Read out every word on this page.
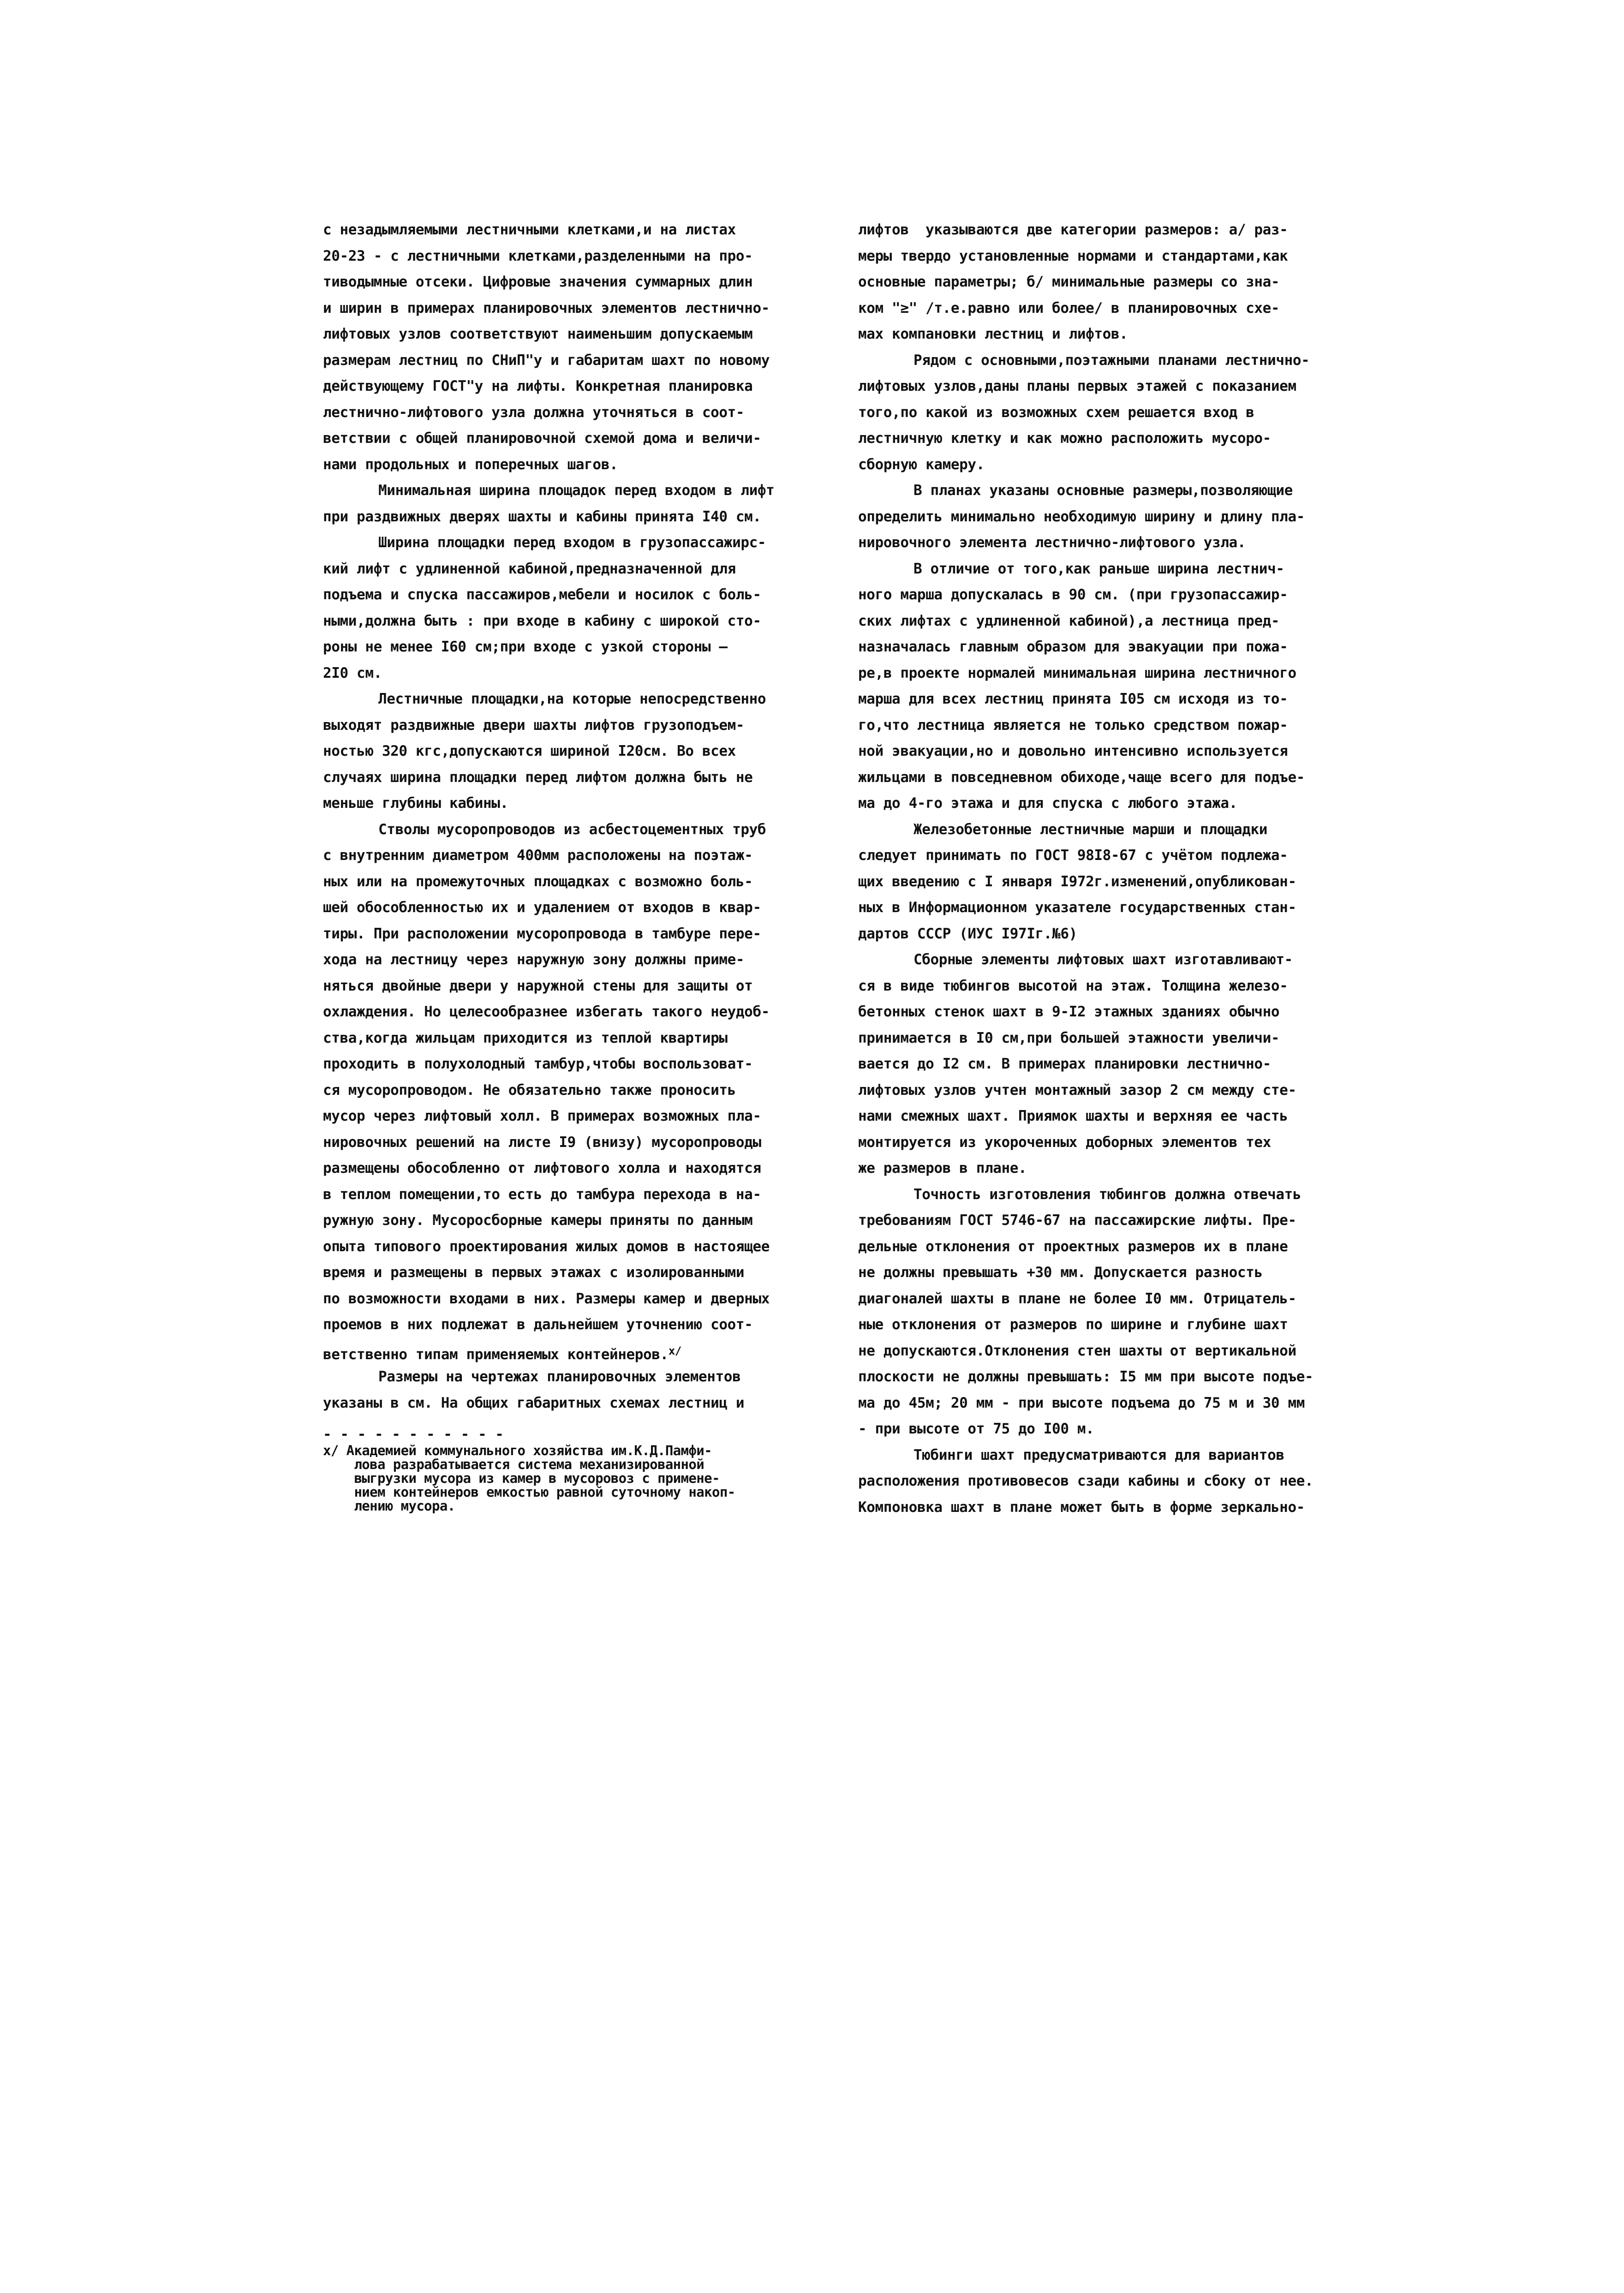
с незадымляемыми лестничными клетками,и на листах
20-23 - с лестничными клетками,разделенными на про-
тиводымные отсеки. Цифровые значения суммарных длин
и ширин в примерах планировочных элементов лестнично-
лифтовых узлов соответствуют наименьшим допускаемым
размерам лестниц по СНиП"у и габаритам шахт по новому
действующему ГОСТ"у на лифты. Конкретная планировка
лестнично-лифтового узла должна уточняться в соот-
ветствии с общей планировочной схемой дома и величи-
нами продольных и поперечных шагов.
Минимальная ширина площадок перед входом в лифт
при раздвижных дверях шахты и кабины принята I40 см.
Ширина площадки перед входом в грузопассажирс-
кий лифт с удлиненной кабиной,предназначенной для
подъема и спуска пассажиров,мебели и носилок с боль-
ными,должна быть : при входе в кабину с широкой сто-
роны не менее I60 см;при входе с узкой стороны —
2I0 см.
Лестничные площадки,на которые непосредственно
выходят раздвижные двери шахты лифтов грузоподъем-
ностью 320 кгс,допускаются шириной I20см. Во всех
случаях ширина площадки перед лифтом должна быть не
меньше глубины кабины.
Стволы мусоропроводов из асбестоцементных труб
с внутренним диаметром 400мм расположены на поэтаж-
ных или на промежуточных площадках с возможно боль-
шей обособленностью их и удалением от входов в квар-
тиры. При расположении мусоропровода в тамбуре пере-
хода на лестницу через наружную зону должны приме-
няться двойные двери у наружной стены для защиты от
охлаждения. Но целесообразнее избегать такого неудоб-
ства,когда жильцам приходится из теплой квартиры
проходить в полухолодный тамбур,чтобы воспользоват-
ся мусоропроводом. Не обязательно также проносить
мусор через лифтовый холл. В примерах возможных пла-
нировочных решений на листе I9 (внизу) мусоропроводы
размещены обособленно от лифтового холла и находятся
в теплом помещении,то есть до тамбура перехода в на-
ружную зону. Мусоросборные камеры приняты по данным
опыта типового проектирования жилых домов в настоящее
время и размещены в первых этажах с изолированными
по возможности входами в них. Размеры камер и дверных
проемов в них подлежат в дальнейшем уточнению соот-
ветственно типам применяемых контейнеров.$^{x/}$
Размеры на чертежах планировочных элементов
указаны в см. На общих габаритных схемах лестниц и
- - - - - - - - - - -
x/ Академией коммунального хозяйства им.К.Д.Памфи-
лова разрабатывается система механизированной
выгрузки мусора из камер в мусоровоз с примене-
нием контейнеров емкостью равной суточному накоп-
лению мусора.
лифтов  указываются две категории размеров: а/ раз-
меры твердо установленные нормами и стандартами,как
основные параметры; б/ минимальные размеры со зна-
ком "≥" /т.е.равно или более/ в планировочных схе-
мах компановки лестниц и лифтов.
Рядом с основными,поэтажными планами лестнично-
лифтовых узлов,даны планы первых этажей с показанием
того,по какой из возможных схем решается вход в
лестничную клетку и как можно расположить мусоро-
сборную камеру.
В планах указаны основные размеры,позволяющие
определить минимально необходимую ширину и длину пла-
нировочного элемента лестнично-лифтового узла.
В отличие от того,как раньше ширина лестнич-
ного марша допускалась в 90 см. (при грузопассажир-
ских лифтах с удлиненной кабиной),а лестница пред-
назначалась главным образом для эвакуации при пожа-
ре,в проекте нормалей минимальная ширина лестничного
марша для всех лестниц принята I05 см исходя из то-
го,что лестница является не только средством пожар-
ной эвакуации,но и довольно интенсивно используется
жильцами в повседневном обиходе,чаще всего для подъе-
ма до 4-го этажа и для спуска с любого этажа.
Железобетонные лестничные марши и площадки
следует принимать по ГОСТ 98I8-67 с учётом подлежа-
щих введению с I января I972г.изменений,опубликован-
ных в Информационном указателе государственных стан-
дартов СССР (ИУС I97Iг.№6)
Сборные элементы лифтовых шахт изготавливают-
ся в виде тюбингов высотой на этаж. Толщина железо-
бетонных стенок шахт в 9-I2 этажных зданиях обычно
принимается в I0 см,при большей этажности увеличи-
вается до I2 см. В примерах планировки лестнично-
лифтовых узлов учтен монтажный зазор 2 см между сте-
нами смежных шахт. Приямок шахты и верхняя ее часть
монтируется из укороченных доборных элементов тех
же размеров в плане.
Точность изготовления тюбингов должна отвечать
требованиям ГОСТ 5746-67 на пассажирские лифты. Пре-
дельные отклонения от проектных размеров их в плане
не должны превышать +30 мм. Допускается разность
диагоналей шахты в плане не более I0 мм. Отрицатель-
ные отклонения от размеров по ширине и глубине шахт
не допускаются.Отклонения стен шахты от вертикальной
плоскости не должны превышать: I5 мм при высоте подъе-
ма до 45м; 20 мм - при высоте подъема до 75 м и 30 мм
- при высоте от 75 до I00 м.
Тюбинги шахт предусматриваются для вариантов
расположения противовесов сзади кабины и сбоку от нее.
Компоновка шахт в плане может быть в форме зеркально-
